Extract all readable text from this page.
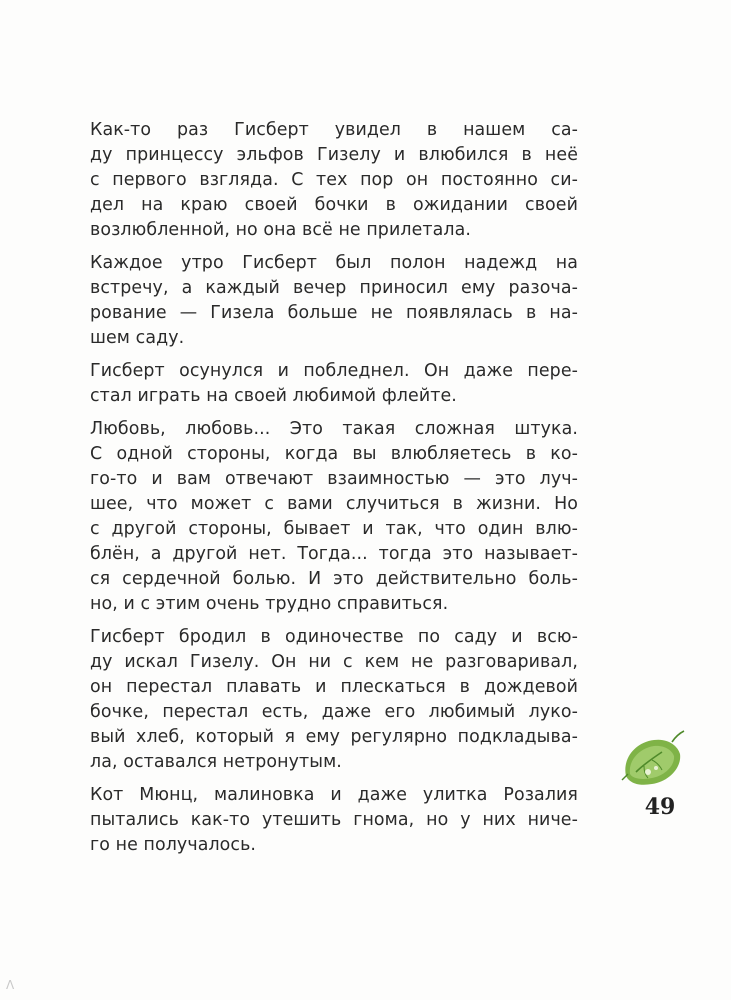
Как-то раз Гисберт увидел в нашем са-
ду принцессу эльфов Гизелу и влюбился в неё
с первого взгляда. С тех пор он постоянно си-
дел на краю своей бочки в ожидании своей
возлюбленной, но она всё не прилетала.

Каждое утро Гисберт был полон надежд на
встречу, а каждый вечер приносил ему разоча-
рование — Гизела больше не появлялась в на-
шем саду.

Гисберт осунулся и побледнел. Он даже пере-
стал играть на своей любимой флейте.

Любовь, любовь... Это такая сложная штука.
С одной стороны, когда вы влюбляетесь в ко-
го-то и вам отвечают взаимностью — это луч-
шее, что может с вами случиться в жизни. Но
с другой стороны, бывает и так, что один влю-
блён, а другой нет. Тогда... тогда это называет-
ся сердечной болью. И это действительно боль-
но, и с этим очень трудно справиться.

Гисберт бродил в одиночестве по саду и всю-
ду искал Гизелу. Он ни с кем не разговаривал,
он перестал плавать и плескаться в дождевой
бочке, перестал есть, даже его любимый луко-
вый хлеб, который я ему регулярно подкладыва-
ла, оставался нетронутым.

Кот Мюнц, малиновка и даже улитка Розалия
пытались как-то утешить гнома, но у них ниче-
го не получалось.

49
Λ
